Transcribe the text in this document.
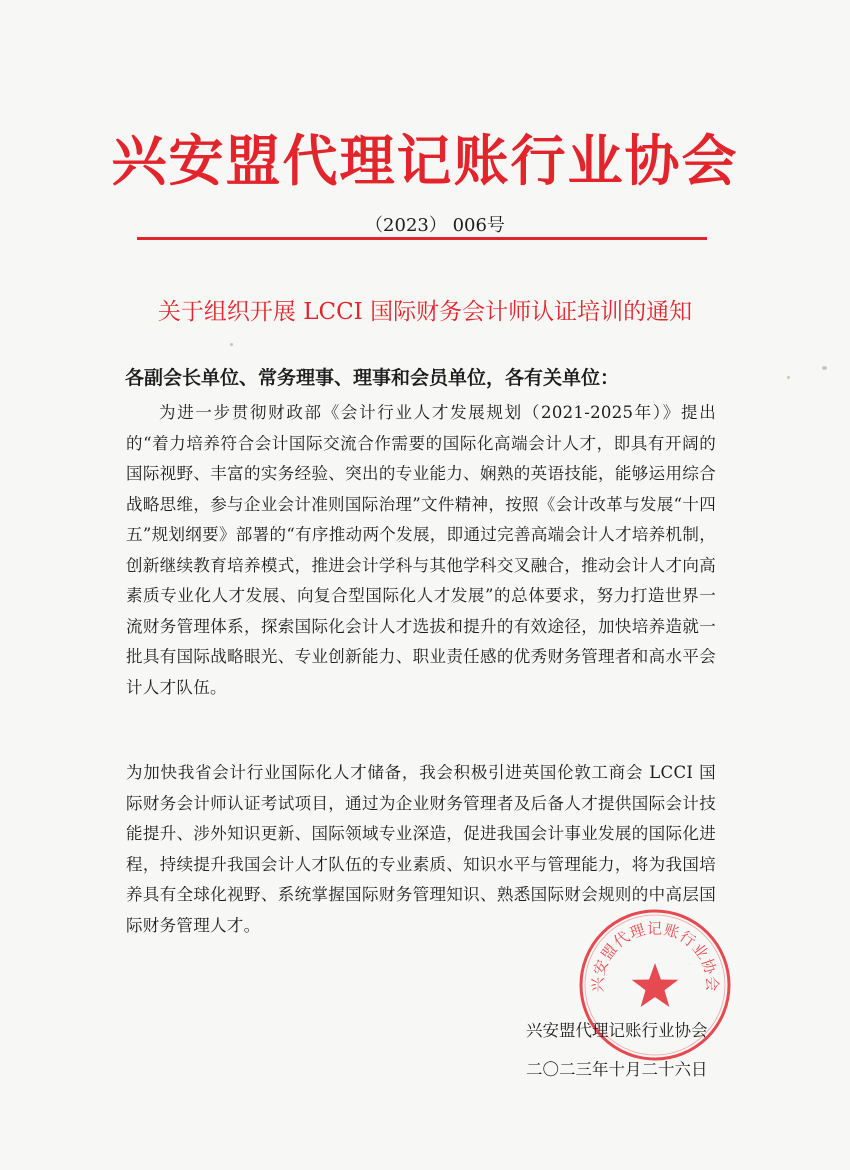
兴安盟代理记账行业协会
（2023） 006号
关于组织开展 LCCI 国际财务会计师认证培训的通知
各副会长单位、常务理事、理事和会员单位，各有关单位：
为进一步贯彻财政部《会计行业人才发展规划（2021-2025年）》提出的“着力培养符合会计国际交流合作需要的国际化高端会计人才，即具有开阔的国际视野、丰富的实务经验、突出的专业能力、娴熟的英语技能，能够运用综合战略思维，参与企业会计准则国际治理”文件精神，按照《会计改革与发展“十四五”规划纲要》部署的“有序推动两个发展，即通过完善高端会计人才培养机制，创新继续教育培养模式，推进会计学科与其他学科交叉融合，推动会计人才向高素质专业化人才发展、向复合型国际化人才发展”的总体要求，努力打造世界一流财务管理体系，探索国际化会计人才选拔和提升的有效途径，加快培养造就一批具有国际战略眼光、专业创新能力、职业责任感的优秀财务管理者和高水平会计人才队伍。
为加快我省会计行业国际化人才储备，我会积极引进英国伦敦工商会 LCCI 国际财务会计师认证考试项目，通过为企业财务管理者及后备人才提供国际会计技能提升、涉外知识更新、国际领域专业深造，促进我国会计事业发展的国际化进程，持续提升我国会计人才队伍的专业素质、知识水平与管理能力，将为我国培养具有全球化视野、系统掌握国际财务管理知识、熟悉国际财会规则的中高层国际财务管理人才。
兴安盟代理记账行业协会
兴安盟代理记账行业协会
二〇二三年十月二十六日
